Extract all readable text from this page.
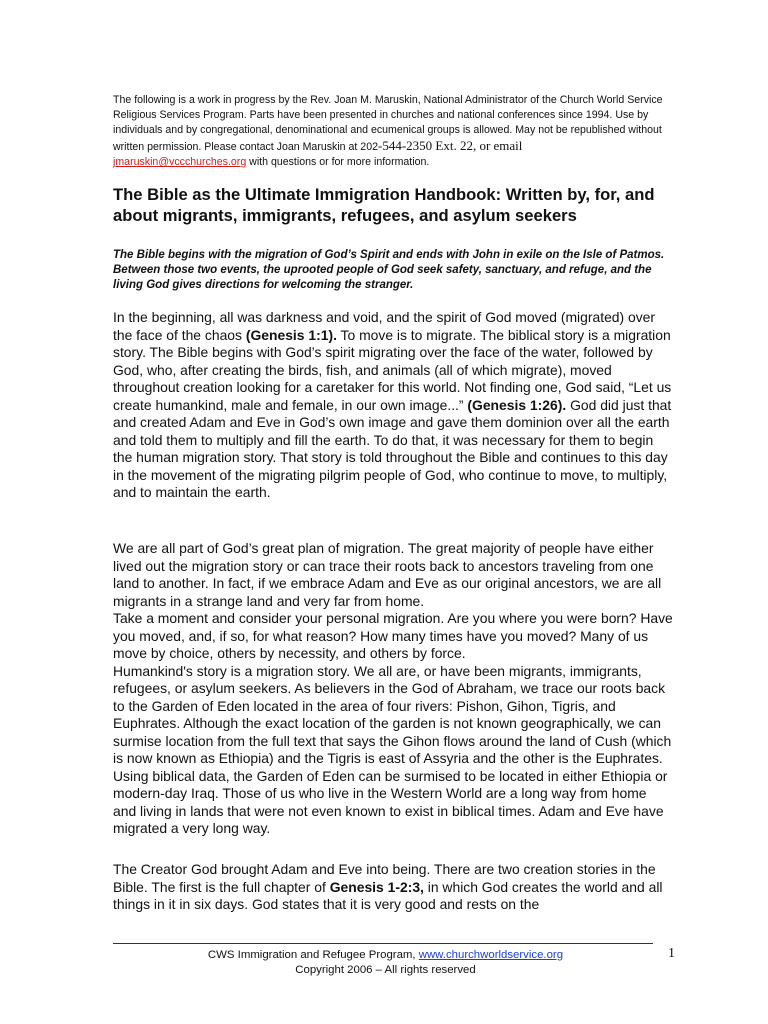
The following is a work in progress by the Rev. Joan M. Maruskin, National Administrator of the Church World Service Religious Services Program. Parts have been presented in churches and national conferences since 1994. Use by individuals and by congregational, denominational and ecumenical groups is allowed. May not be republished without written permission. Please contact Joan Maruskin at 202-544-2350 Ext. 22, or email
jmaruskin@vccchurches.org with questions or for more information.
The Bible as the Ultimate Immigration Handbook: Written by, for, and about migrants, immigrants, refugees, and asylum seekers

The Bible begins with the migration of God’s Spirit and ends with John in exile on the Isle of Patmos. Between those two events, the uprooted people of God seek safety, sanctuary, and refuge, and the living God gives directions for welcoming the stranger.

In the beginning, all was darkness and void, and the spirit of God moved (migrated) over the face of the chaos (Genesis 1:1). To move is to migrate. The biblical story is a migration story. The Bible begins with God’s spirit migrating over the face of the water, followed by God, who, after creating the birds, fish, and animals (all of which migrate), moved throughout creation looking for a caretaker for this world. Not finding one, God said, “Let us create humankind, male and female, in our own image...” (Genesis 1:26). God did just that and created Adam and Eve in God’s own image and gave them dominion over all the earth and told them to multiply and fill the earth. To do that, it was necessary for them to begin the human migration story. That story is told throughout the Bible and continues to this day in the movement of the migrating pilgrim people of God, who continue to move, to multiply, and to maintain the earth.

We are all part of God’s great plan of migration. The great majority of people have either lived out the migration story or can trace their roots back to ancestors traveling from one land to another. In fact, if we embrace Adam and Eve as our original ancestors, we are all migrants in a strange land and very far from home.
Take a moment and consider your personal migration. Are you where you were born? Have you moved, and, if so, for what reason? How many times have you moved? Many of us move by choice, others by necessity, and others by force.
Humankind's story is a migration story. We all are, or have been migrants, immigrants, refugees, or asylum seekers. As believers in the God of Abraham, we trace our roots back to the Garden of Eden located in the area of four rivers: Pishon, Gihon, Tigris, and Euphrates. Although the exact location of the garden is not known geographically, we can surmise location from the full text that says the Gihon flows around the land of Cush (which is now known as Ethiopia) and the Tigris is east of Assyria and the other is the Euphrates. Using biblical data, the Garden of Eden can be surmised to be located in either Ethiopia or modern-day Iraq. Those of us who live in the Western World are a long way from home and living in lands that were not even known to exist in biblical times. Adam and Eve have migrated a very long way.

The Creator God brought Adam and Eve into being. There are two creation stories in the Bible. The first is the full chapter of Genesis 1-2:3, in which God creates the world and all things in it in six days. God states that it is very good and rests on the

CWS Immigration and Refugee Program, www.churchworldservice.org
Copyright 2006 – All rights reserved
1
